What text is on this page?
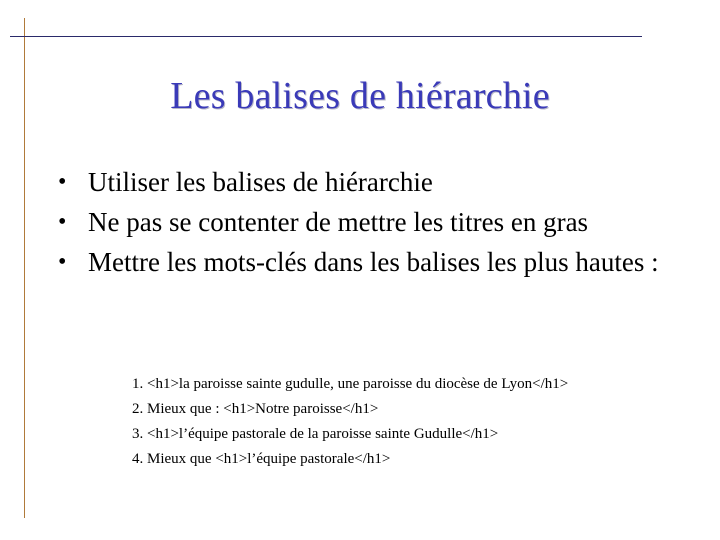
Les balises de hiérarchie
• Utiliser les balises de hiérarchie
• Ne pas se contenter de mettre les titres en gras
• Mettre les mots-clés dans les balises les plus hautes :
1. <h1>la paroisse sainte gudulle, une paroisse du diocèse de Lyon</h1>
2. Mieux que : <h1>Notre paroisse</h1>
3. <h1>l’équipe pastorale de la paroisse sainte Gudulle</h1>
4. Mieux que <h1>l’équipe pastorale</h1>
